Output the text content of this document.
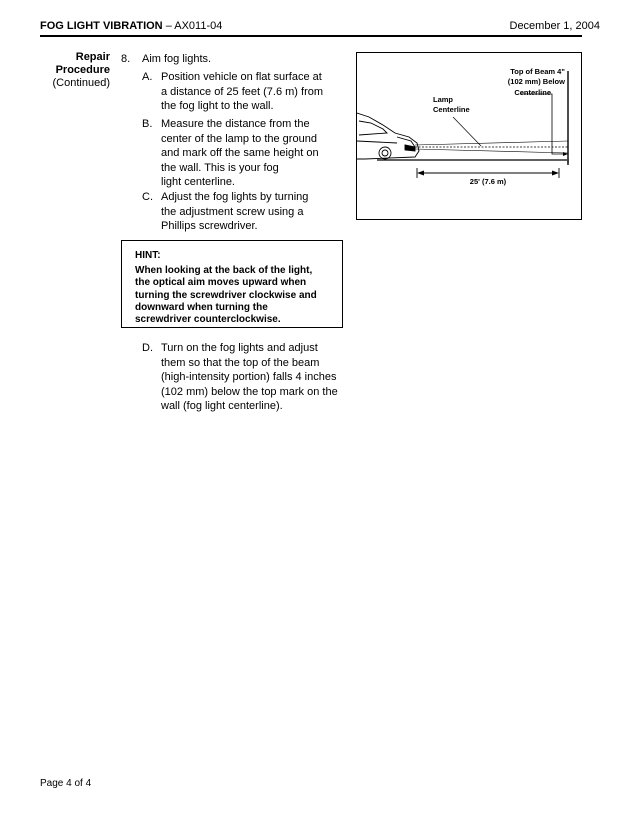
FOG LIGHT VIBRATION – AX011-04	December 1, 2004
Repair
Procedure
(Continued)
8. Aim fog lights.
A. Position vehicle on flat surface at
a distance of 25 feet (7.6 m) from
the fog light to the wall.
B. Measure the distance from the
center of the lamp to the ground
and mark off the same height on
the wall. This is your fog
light centerline.
C. Adjust the fog lights by turning
the adjustment screw using a
Phillips screwdriver.
HINT:
When looking at the back of the light,
the optical aim moves upward when
turning the screwdriver clockwise and
downward when turning the
screwdriver counterclockwise.
D. Turn on the fog lights and adjust
them so that the top of the beam
(high-intensity portion) falls 4 inches
(102 mm) below the top mark on the
wall (fog light centerline).
Top of Beam 4" (102 mm) Below Centerline
Lamp Centerline
25' (7.6 m)
Page 4 of 4
